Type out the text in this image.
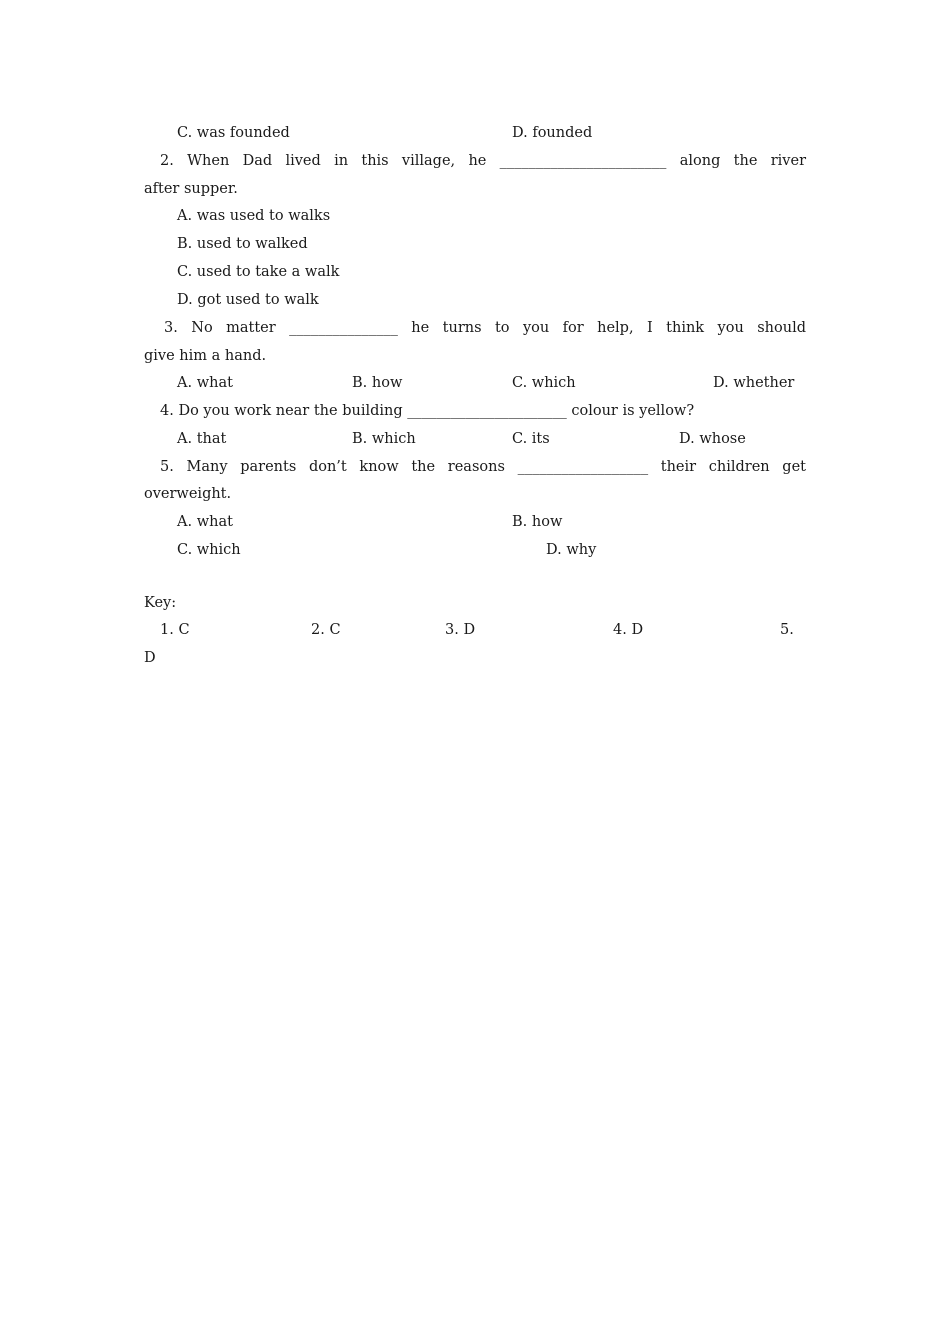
C. was founded	D. founded
2. When Dad lived in this village, he _______________________ along the river
after supper.
A. was used to walks
B. used to walked
C. used to take a walk
D. got used to walk
3. No matter _______________ he turns to you for help, I think you should
give him a hand.
A. what	B. how	C. which	D. whether
4. Do you work near the building ______________________ colour is yellow?
A. that	B. which	C. its	D. whose
5. Many parents don’t know the reasons __________________ their children get
overweight.
A. what	B. how
C. which	D. why
Key:
1. C	2. C	3. D	4. D	5.
D
